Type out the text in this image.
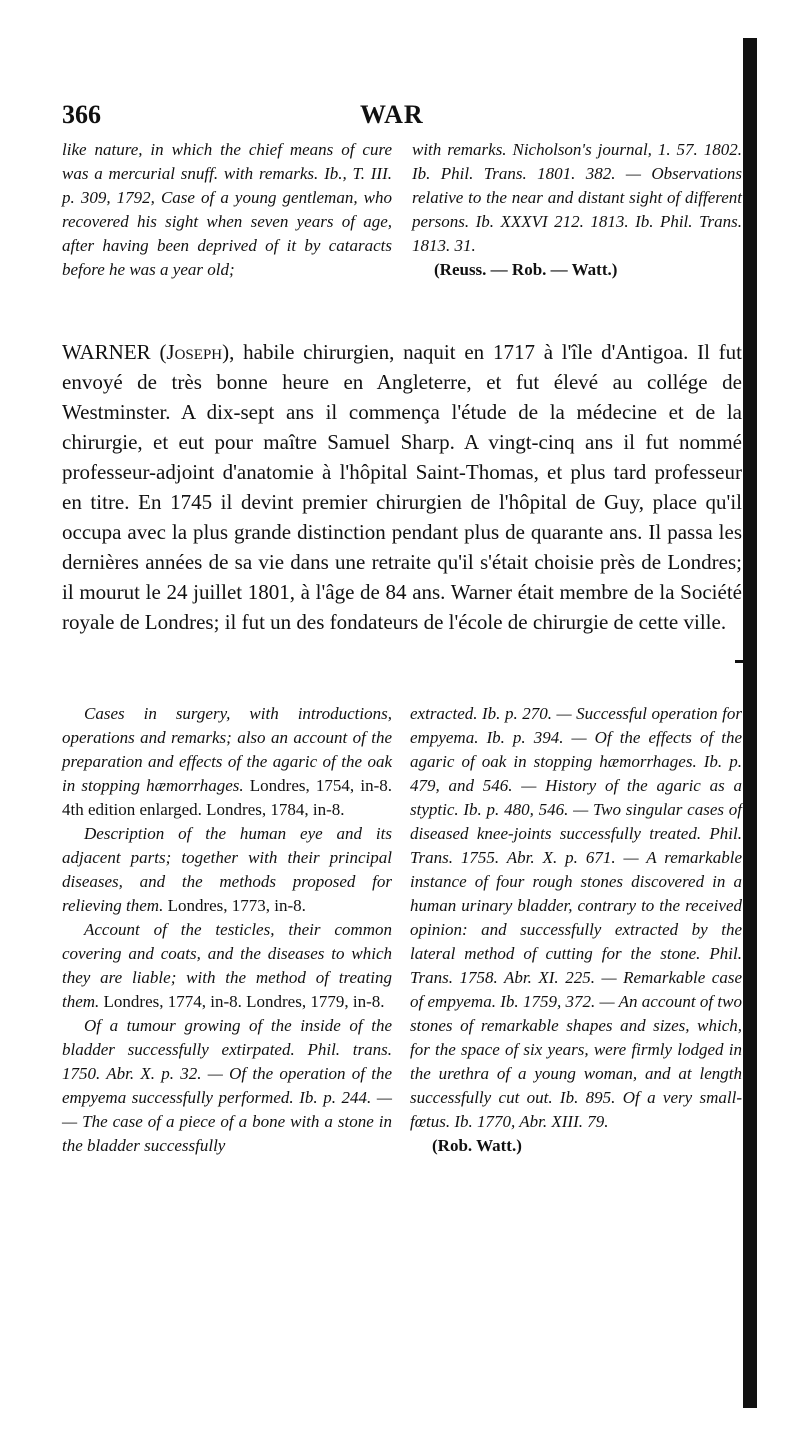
366	WAR

like nature, in which the chief means of cure was a mercurial snuff. with remarks. Ib., T. III. p. 309, 1792, Case of a young gentleman, who recovered his sight when seven years of age, after having been deprived of it by cataracts before he was a year old;

with remarks. Nicholson's journal, 1. 57. 1802. Ib. Phil. Trans. 1801. 382. — Observations relative to the near and distant sight of different persons. Ib. XXXVI 212. 1813. Ib. Phil. Trans. 1813. 31.

(Reuss. — Rob. — Watt.)

WARNER (Joseph), habile chirurgien, naquit en 1717 à l'île d'Antigoa. Il fut envoyé de très bonne heure en Angleterre, et fut élevé au collége de Westminster. A dix-sept ans il commença l'étude de la médecine et de la chirurgie, et eut pour maître Samuel Sharp. A vingt-cinq ans il fut nommé professeur-adjoint d'anatomie à l'hôpital Saint-Thomas, et plus tard professeur en titre. En 1745 il devint premier chirurgien de l'hôpital de Guy, place qu'il occupa avec la plus grande distinction pendant plus de quarante ans. Il passa les dernières années de sa vie dans une retraite qu'il s'était choisie près de Londres; il mourut le 24 juillet 1801, à l'âge de 84 ans. Warner était membre de la Société royale de Londres; il fut un des fondateurs de l'école de chirurgie de cette ville.

Cases in surgery, with introductions, operations and remarks; also an account of the preparation and effects of the agaric of the oak in stopping hæmorrhages. Londres, 1754, in-8. 4th edition enlarged. Londres, 1784, in-8.

Description of the human eye and its adjacent parts; together with their principal diseases, and the methods proposed for relieving them. Londres, 1773, in-8.

Account of the testicles, their common covering and coats, and the diseases to which they are liable; with the method of treating them. Londres, 1774, in-8. Londres, 1779, in-8.

Of a tumour growing of the inside of the bladder successfully extirpated. Phil. trans. 1750. Abr. X. p. 32. — Of the operation of the empyema successfully performed. Ib. p. 244. — — The case of a piece of a bone with a stone in the bladder successfully

extracted. Ib. p. 270. — Successful operation for empyema. Ib. p. 394. — Of the effects of the agaric of oak in stopping hæmorrhages. Ib. p. 479, and 546. — History of the agaric as a styptic. Ib. p. 480, 546. — Two singular cases of diseased knee-joints successfully treated. Phil. Trans. 1755. Abr. X. p. 671. — A remarkable instance of four rough stones discovered in a human urinary bladder, contrary to the received opinion: and successfully extracted by the lateral method of cutting for the stone. Phil. Trans. 1758. Abr. XI. 225. — Remarkable case of empyema. Ib. 1759, 372. — An account of two stones of remarkable shapes and sizes, which, for the space of six years, were firmly lodged in the urethra of a young woman, and at length successfully cut out. Ib. 895. Of a very small-fœtus. Ib. 1770, Abr. XIII. 79.

(Rob. Watt.)
